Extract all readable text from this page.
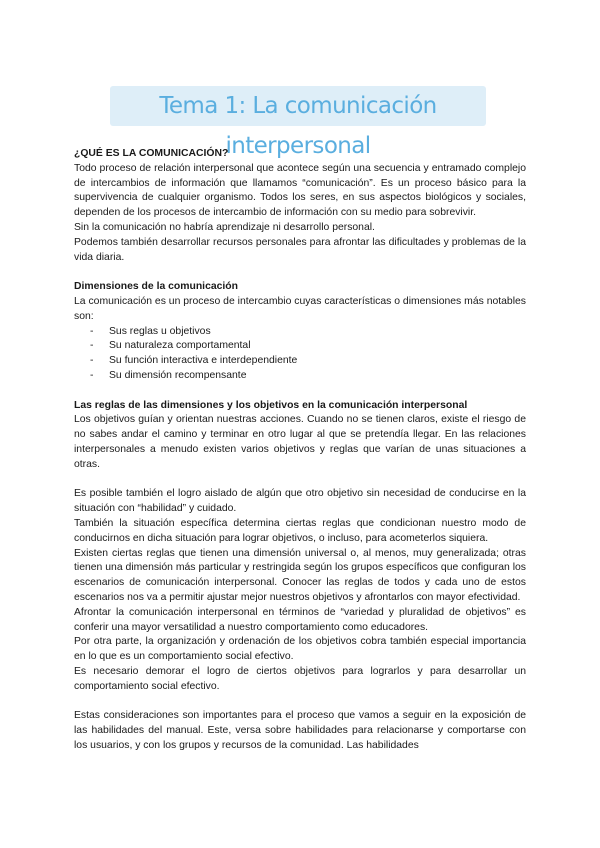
Tema 1: La comunicación interpersonal

¿QUÉ ES LA COMUNICACIÓN?

Todo proceso de relación interpersonal que acontece según una secuencia y entramado complejo de intercambios de información que llamamos “comunicación”. Es un proceso básico para la supervivencia de cualquier organismo. Todos los seres, en sus aspectos biológicos y sociales, dependen de los procesos de intercambio de información con su medio para sobrevivir.

Sin la comunicación no habría aprendizaje ni desarrollo personal.

Podemos también desarrollar recursos personales para afrontar las dificultades y problemas de la vida diaria.

Dimensiones de la comunicación

La comunicación es un proceso de intercambio cuyas características o dimensiones más notables son:

- Sus reglas u objetivos
- Su naturaleza comportamental
- Su función interactiva e interdependiente
- Su dimensión recompensante

Las reglas de las dimensiones y los objetivos en la comunicación interpersonal

Los objetivos guían y orientan nuestras acciones. Cuando no se tienen claros, existe el riesgo de no sabes andar el camino y terminar en otro lugar al que se pretendía llegar. En las relaciones interpersonales a menudo existen varios objetivos y reglas que varían de unas situaciones a otras.

Es posible también el logro aislado de algún que otro objetivo sin necesidad de conducirse en la situación con “habilidad” y cuidado.

También la situación específica determina ciertas reglas que condicionan nuestro modo de conducirnos en dicha situación para lograr objetivos, o incluso, para acometerlos siquiera.

Existen ciertas reglas que tienen una dimensión universal o, al menos, muy generalizada; otras tienen una dimensión más particular y restringida según los grupos específicos que configuran los escenarios de comunicación interpersonal. Conocer las reglas de todos y cada uno de estos escenarios nos va a permitir ajustar mejor nuestros objetivos y afrontarlos con mayor efectividad.

Afrontar la comunicación interpersonal en términos de “variedad y pluralidad de objetivos” es conferir una mayor versatilidad a nuestro comportamiento como educadores.

Por otra parte, la organización y ordenación de los objetivos cobra también especial importancia en lo que es un comportamiento social efectivo.

Es necesario demorar el logro de ciertos objetivos para lograrlos y para desarrollar un comportamiento social efectivo.

Estas consideraciones son importantes para el proceso que vamos a seguir en la exposición de las habilidades del manual. Este, versa sobre habilidades para relacionarse y comportarse con los usuarios, y con los grupos y recursos de la comunidad. Las habilidades
